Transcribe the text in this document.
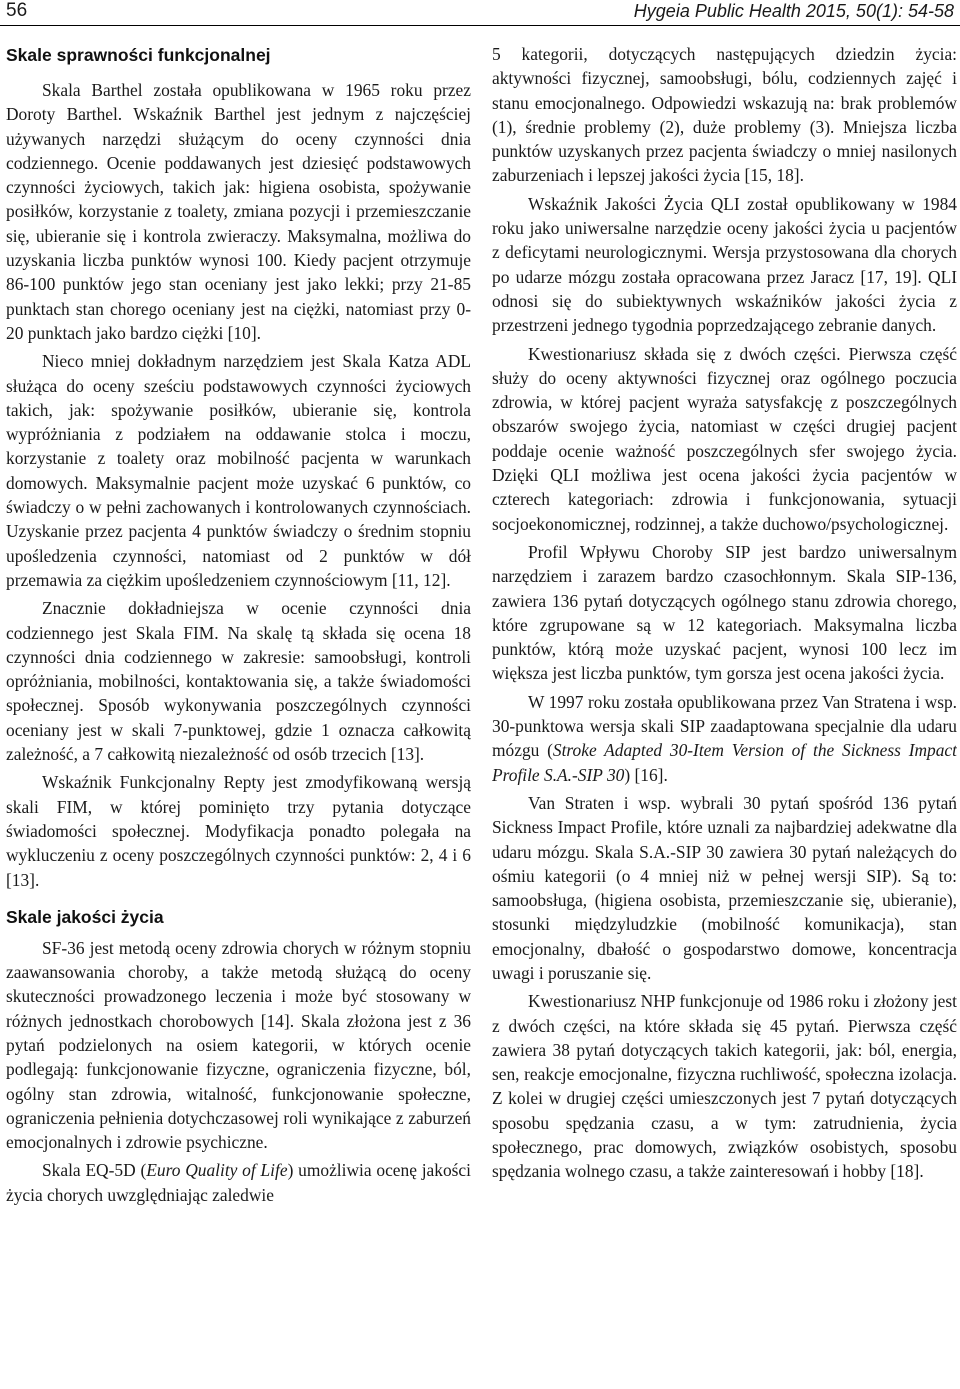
56	Hygeia Public Health 2015, 50(1): 54-58
Skale sprawności funkcjonalnej

Skala Barthel została opublikowana w 1965 roku przez Doroty Barthel. Wskaźnik Barthel jest jednym z najczęściej używanych narzędzi służącym do oceny czynności dnia codziennego. Ocenie poddawanych jest dziesięć podstawowych czynności życiowych, takich jak: higiena osobista, spożywanie posiłków, korzystanie z toalety, zmiana pozycji i przemieszczanie się, ubieranie się i kontrola zwieraczy. Maksymalna, możliwa do uzyskania liczba punktów wynosi 100. Kiedy pacjent otrzymuje 86-100 punktów jego stan oceniany jest jako lekki; przy 21-85 punktach stan chorego oceniany jest na ciężki, natomiast przy 0-20 punktach jako bardzo ciężki [10].

Nieco mniej dokładnym narzędziem jest Skala Katza ADL służąca do oceny sześciu podstawowych czynności życiowych takich, jak: spożywanie posiłków, ubieranie się, kontrola wypróżniania z podziałem na oddawanie stolca i moczu, korzystanie z toalety oraz mobilność pacjenta w warunkach domowych. Maksymalnie pacjent może uzyskać 6 punktów, co świadczy o w pełni zachowanych i kontrolowanych czynnościach. Uzyskanie przez pacjenta 4 punktów świadczy o średnim stopniu upośledzenia czynności, natomiast od 2 punktów w dół przemawia za ciężkim upośledzeniem czynnościowym [11, 12].

Znacznie dokładniejsza w ocenie czynności dnia codziennego jest Skala FIM. Na skalę tą składa się ocena 18 czynności dnia codziennego w zakresie: samoobsługi, kontroli opróżniania, mobilności, kontaktowania się, a także świadomości społecznej. Sposób wykonywania poszczególnych czynności oceniany jest w skali 7-punktowej, gdzie 1 oznacza całkowitą zależność, a 7 całkowitą niezależność od osób trzecich [13].

Wskaźnik Funkcjonalny Repty jest zmodyfikowaną wersją skali FIM, w której pominięto trzy pytania dotyczące świadomości społecznej. Modyfikacja ponadto polegała na wykluczeniu z oceny poszczególnych czynności punktów: 2, 4 i 6 [13].

Skale jakości życia

SF-36 jest metodą oceny zdrowia chorych w różnym stopniu zaawansowania choroby, a także metodą służącą do oceny skuteczności prowadzonego leczenia i może być stosowany w różnych jednostkach chorobowych [14]. Skala złożona jest z 36 pytań podzielonych na osiem kategorii, w których ocenie podlegają: funkcjonowanie fizyczne, ograniczenia fizyczne, ból, ogólny stan zdrowia, witalność, funkcjonowanie społeczne, ograniczenia pełnienia dotychczasowej roli wynikające z zaburzeń emocjonalnych i zdrowie psychiczne.

Skala EQ-5D (Euro Quality of Life) umożliwia ocenę jakości życia chorych uwzględniając zaledwie

5 kategorii, dotyczących następujących dziedzin życia: aktywności fizycznej, samoobsługi, bólu, codziennych zajęć i stanu emocjonalnego. Odpowiedzi wskazują na: brak problemów (1), średnie problemy (2), duże problemy (3). Mniejsza liczba punktów uzyskanych przez pacjenta świadczy o mniej nasilonych zaburzeniach i lepszej jakości życia [15, 18].

Wskaźnik Jakości Życia QLI został opublikowany w 1984 roku jako uniwersalne narzędzie oceny jakości życia u pacjentów z deficytami neurologicznymi. Wersja przystosowana dla chorych po udarze mózgu została opracowana przez Jaracz [17, 19]. QLI odnosi się do subiektywnych wskaźników jakości życia z przestrzeni jednego tygodnia poprzedzającego zebranie danych.

Kwestionariusz składa się z dwóch części. Pierwsza część służy do oceny aktywności fizycznej oraz ogólnego poczucia zdrowia, w której pacjent wyraża satysfakcję z poszczególnych obszarów swojego życia, natomiast w części drugiej pacjent poddaje ocenie ważność poszczególnych sfer swojego życia. Dzięki QLI możliwa jest ocena jakości życia pacjentów w czterech kategoriach: zdrowia i funkcjonowania, sytuacji socjoekonomicznej, rodzinnej, a także duchowo/psychologicznej.

Profil Wpływu Choroby SIP jest bardzo uniwersalnym narzędziem i zarazem bardzo czasochłonnym. Skala SIP-136, zawiera 136 pytań dotyczących ogólnego stanu zdrowia chorego, które zgrupowane są w 12 kategoriach. Maksymalna liczba punktów, którą może uzyskać pacjent, wynosi 100 lecz im większa jest liczba punktów, tym gorsza jest ocena jakości życia.

W 1997 roku została opublikowana przez Van Stratena i wsp. 30-punktowa wersja skali SIP zaadaptowana specjalnie dla udaru mózgu (Stroke Adapted 30-Item Version of the Sickness Impact Profile S.A.-SIP 30) [16].

Van Straten i wsp. wybrali 30 pytań spośród 136 pytań Sickness Impact Profile, które uznali za najbardziej adekwatne dla udaru mózgu. Skala S.A.-SIP 30 zawiera 30 pytań należących do ośmiu kategorii (o 4 mniej niż w pełnej wersji SIP). Są to: samoobsługa, (higiena osobista, przemieszczanie się, ubieranie), stosunki międzyludzkie (mobilność komunikacja), stan emocjonalny, dbałość o gospodarstwo domowe, koncentracja uwagi i poruszanie się.

Kwestionariusz NHP funkcjonuje od 1986 roku i złożony jest z dwóch części, na które składa się 45 pytań. Pierwsza część zawiera 38 pytań dotyczących takich kategorii, jak: ból, energia, sen, reakcje emocjonalne, fizyczna ruchliwość, społeczna izolacja. Z kolei w drugiej części umieszczonych jest 7 pytań dotyczących sposobu spędzania czasu, a w tym: zatrudnienia, życia społecznego, prac domowych, związków osobistych, sposobu spędzania wolnego czasu, a także zainteresowań i hobby [18].
